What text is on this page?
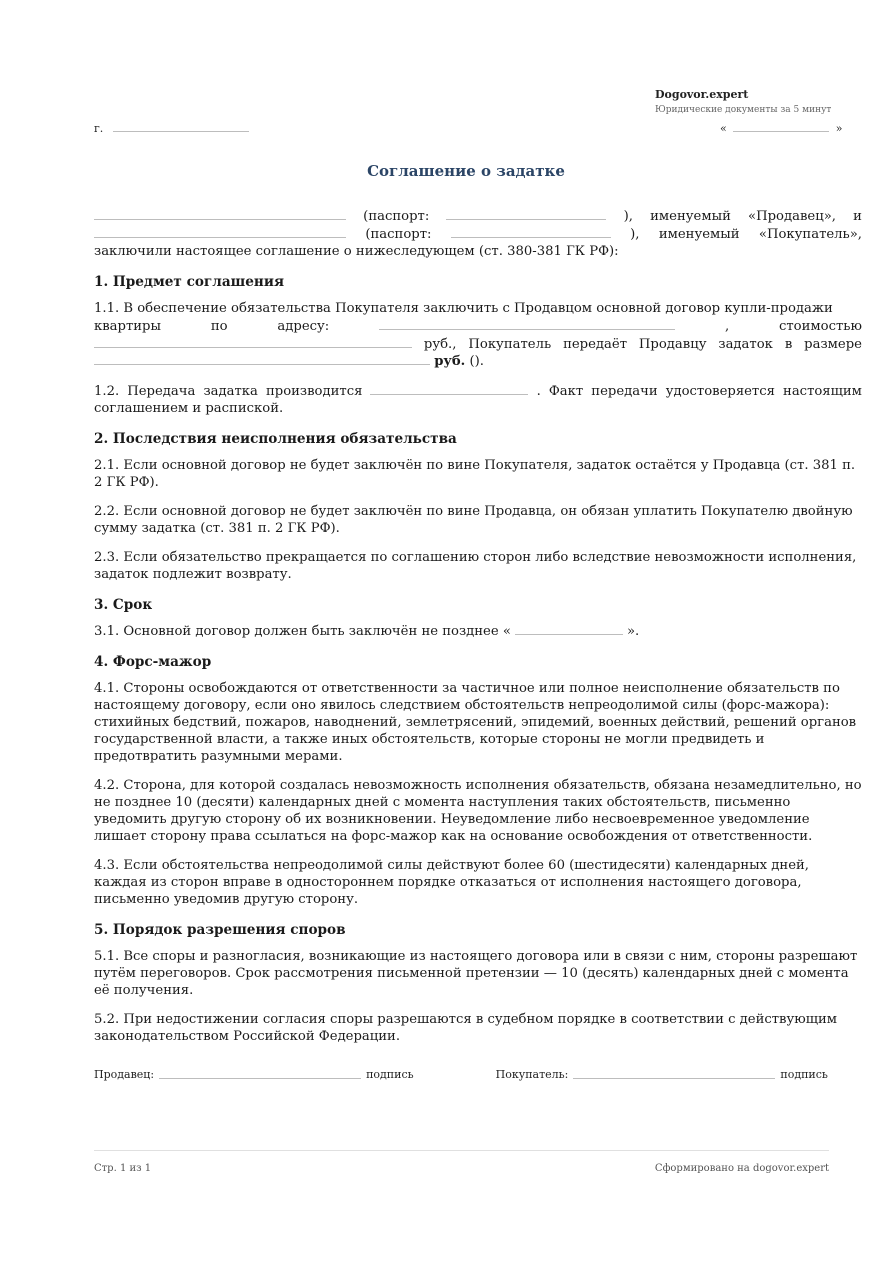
Dogovor.expert
Юридические документы за 5 минут
г.	«	»
Соглашение о задатке
(паспорт:	), именуемый «Продавец», и
(паспорт:	), именуемый «Покупатель»,

заключили настоящее соглашение о нижеследующем (ст. 380-381 ГК РФ):

1. Предмет соглашения

1.1. В обеспечение обязательства Покупателя заключить с Продавцом основной договор купли-продажи

квартиры	по	адресу:	,	стоимостью
руб., Покупатель передаёт Продавцу задаток в размере
руб. ().
1.2. Передача задатка производится	. Факт передачи удостоверяется настоящим

соглашением и распиской.

2. Последствия неисполнения обязательства

2.1. Если основной договор не будет заключён по вине Покупателя, задаток остаётся у Продавца (ст. 381 п. 2 ГК РФ).

2.2. Если основной договор не будет заключён по вине Продавца, он обязан уплатить Покупателю двойную сумму задатка (ст. 381 п. 2 ГК РФ).

2.3. Если обязательство прекращается по соглашению сторон либо вследствие невозможности исполнения, задаток подлежит возврату.

3. Срок

3.1. Основной договор должен быть заключён не позднее «	».

4. Форс-мажор

4.1. Стороны освобождаются от ответственности за частичное или полное неисполнение обязательств по настоящему договору, если оно явилось следствием обстоятельств непреодолимой силы (форс-мажора): стихийных бедствий, пожаров, наводнений, землетрясений, эпидемий, военных действий, решений органов государственной власти, а также иных обстоятельств, которые стороны не могли предвидеть и предотвратить разумными мерами.

4.2. Сторона, для которой создалась невозможность исполнения обязательств, обязана незамедлительно, но не позднее 10 (десяти) календарных дней с момента наступления таких обстоятельств, письменно уведомить другую сторону об их возникновении. Неуведомление либо несвоевременное уведомление лишает сторону права ссылаться на форс-мажор как на основание освобождения от ответственности.

4.3. Если обстоятельства непреодолимой силы действуют более 60 (шестидесяти) календарных дней, каждая из сторон вправе в одностороннем порядке отказаться от исполнения настоящего договора, письменно уведомив другую сторону.

5. Порядок разрешения споров

5.1. Все споры и разногласия, возникающие из настоящего договора или в связи с ним, стороны разрешают путём переговоров. Срок рассмотрения письменной претензии — 10 (десять) календарных дней с момента её получения.

5.2. При недостижении согласия споры разрешаются в судебном порядке в соответствии с действующим законодательством Российской Федерации.

Продавец:	подпись	Покупатель:	подпись
Стр. 1 из 1	Сформировано на dogovor.expert
